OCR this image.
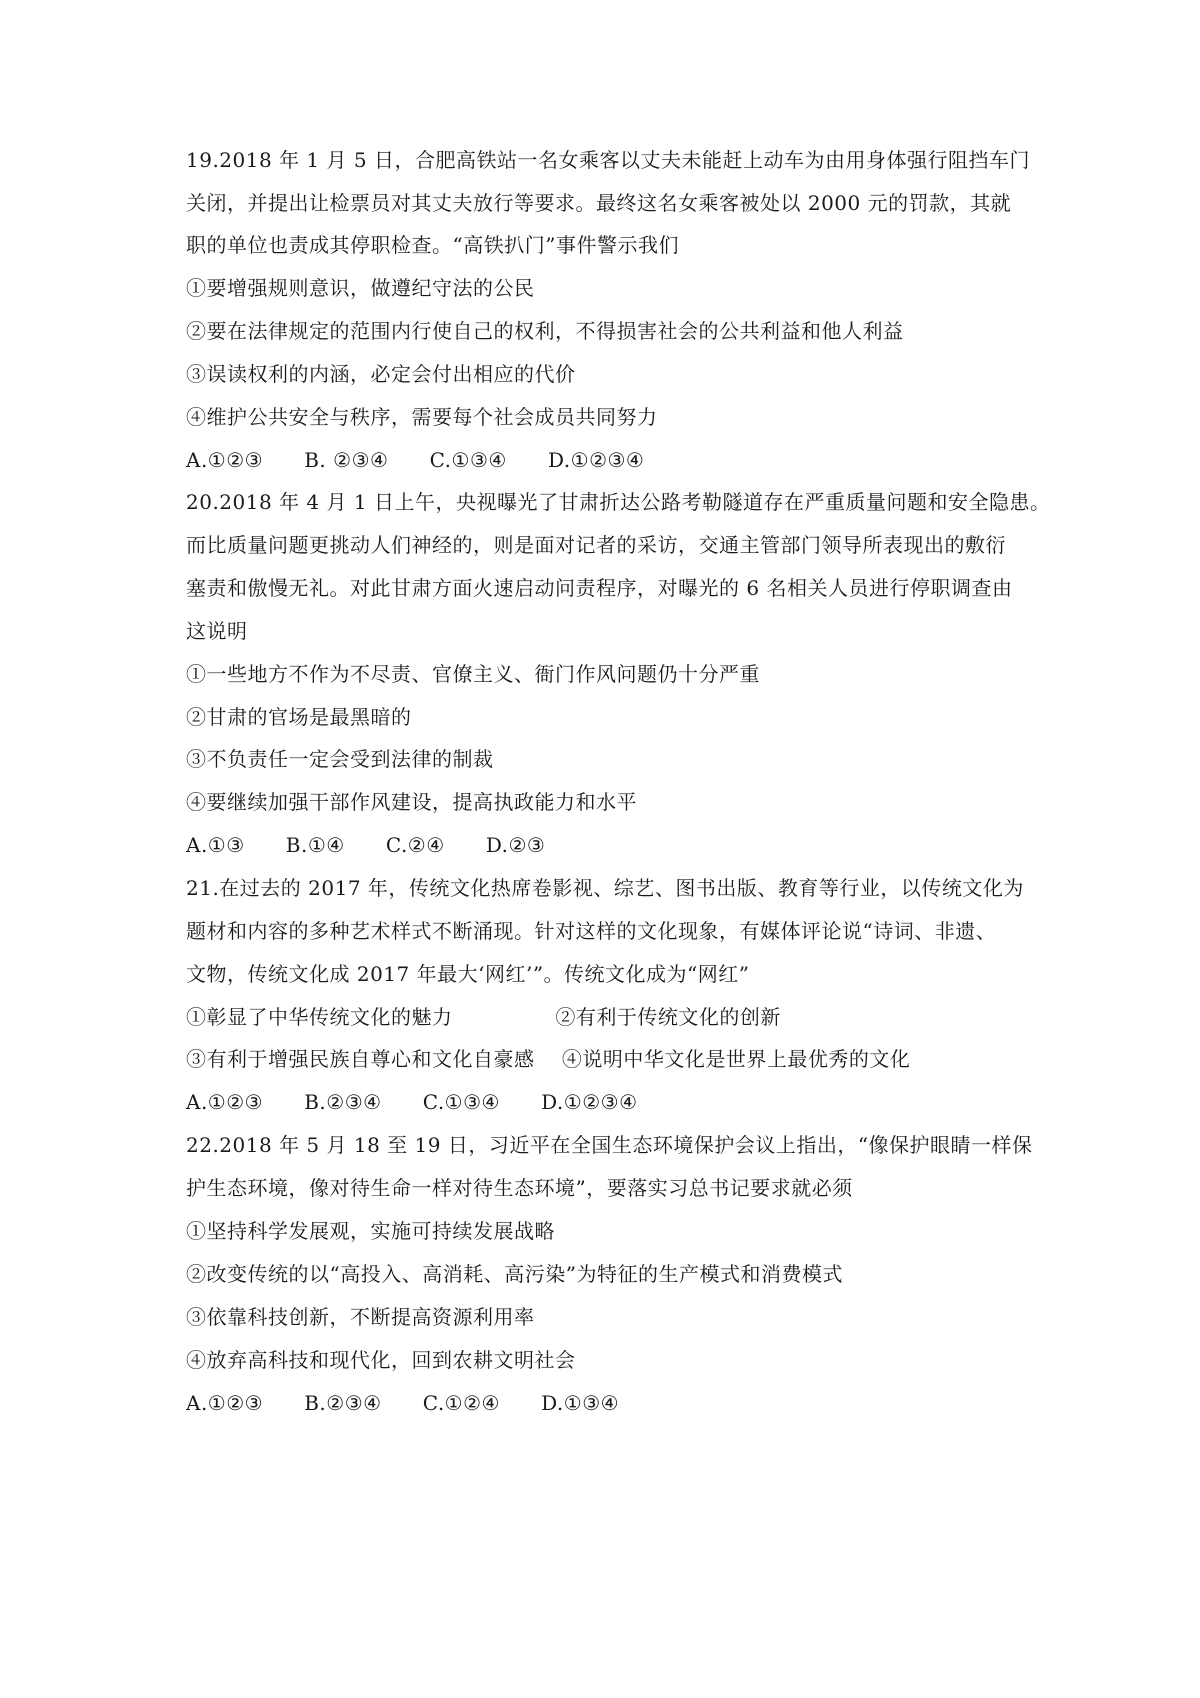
19.2018 年 1 月 5 日，合肥高铁站一名女乘客以丈夫未能赶上动车为由用身体强行阻挡车门
关闭，并提出让检票员对其丈夫放行等要求。最终这名女乘客被处以 2000 元的罚款，其就
职的单位也责成其停职检查。“高铁扒门”事件警示我们
①要增强规则意识，做遵纪守法的公民
②要在法律规定的范围内行使自己的权利，不得损害社会的公共利益和他人利益
③误读权利的内涵，必定会付出相应的代价
④维护公共安全与秩序，需要每个社会成员共同努力
A.①②③      B. ②③④      C.①③④      D.①②③④
20.2018 年 4 月 1 日上午，央视曝光了甘肃折达公路考勒隧道存在严重质量问题和安全隐患。
而比质量问题更挑动人们神经的，则是面对记者的采访，交通主管部门领导所表现出的敷衍
塞责和傲慢无礼。对此甘肃方面火速启动问责程序，对曝光的 6 名相关人员进行停职调查由
这说明
①一些地方不作为不尽责、官僚主义、衙门作风问题仍十分严重
②甘肃的官场是最黑暗的
③不负责任一定会受到法律的制裁
④要继续加强干部作风建设，提高执政能力和水平
A.①③      B.①④      C.②④      D.②③
21.在过去的 2017 年，传统文化热席卷影视、综艺、图书出版、教育等行业，以传统文化为
题材和内容的多种艺术样式不断涌现。针对这样的文化现象，有媒体评论说“诗词、非遗、
文物，传统文化成 2017 年最大‘网红’”。传统文化成为“网红”
①彰显了中华传统文化的魅力               ②有利于传统文化的创新
③有利于增强民族自尊心和文化自豪感    ④说明中华文化是世界上最优秀的文化
A.①②③      B.②③④      C.①③④      D.①②③④
22.2018 年 5 月 18 至 19 日，习近平在全国生态环境保护会议上指出，“像保护眼睛一样保
护生态环境，像对待生命一样对待生态环境”，要落实习总书记要求就必须
①坚持科学发展观，实施可持续发展战略
②改变传统的以“高投入、高消耗、高污染”为特征的生产模式和消费模式
③依靠科技创新，不断提高资源利用率
④放弃高科技和现代化，回到农耕文明社会
A.①②③      B.②③④      C.①②④      D.①③④
